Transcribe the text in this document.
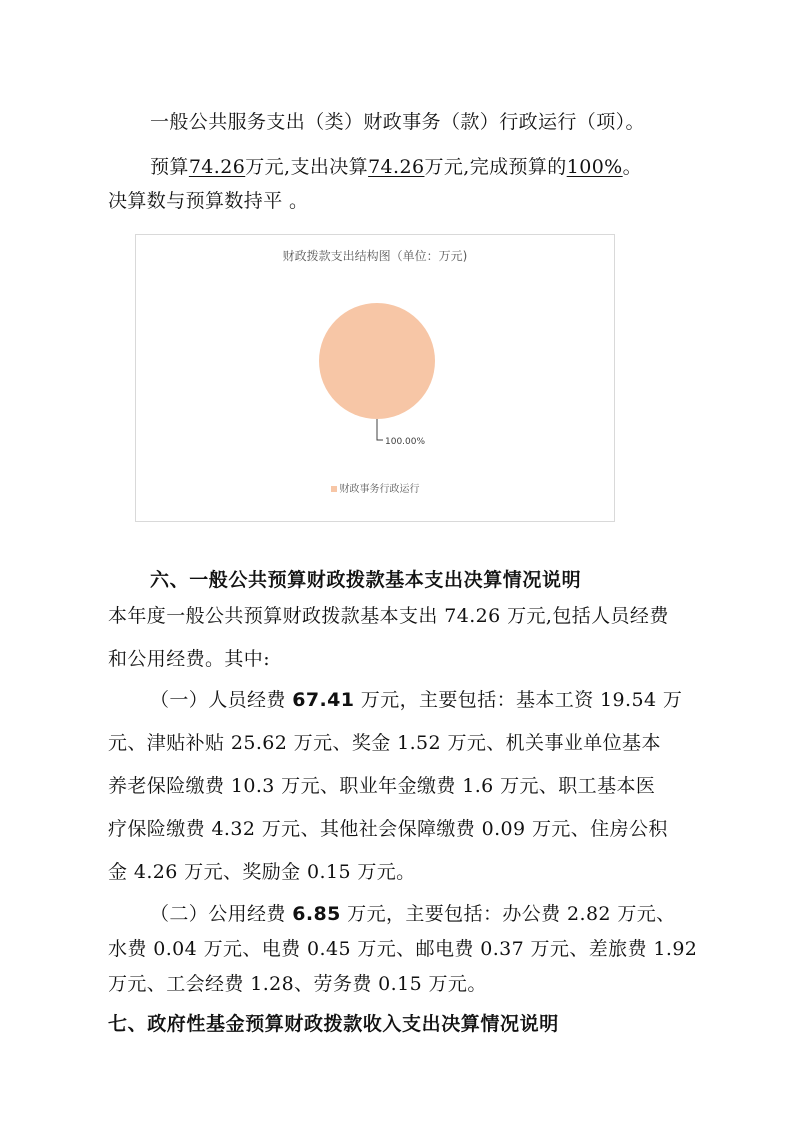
一般公共服务支出（类）财政事务（款）行政运行（项）。
预算74.26万元,支出决算74.26万元,完成预算的100%。
决算数与预算数持平 。
财政拨款支出结构图（单位：万元)
100.00%
财政事务行政运行
六、一般公共预算财政拨款基本支出决算情况说明
本年度一般公共预算财政拨款基本支出 74.26 万元,包括人员经费
和公用经费。其中:
（一）人员经费 67.41 万元，主要包括：基本工资 19.54 万
元、津贴补贴 25.62 万元、奖金 1.52 万元、机关事业单位基本
养老保险缴费 10.3 万元、职业年金缴费 1.6 万元、职工基本医
疗保险缴费 4.32 万元、其他社会保障缴费 0.09 万元、住房公积
金 4.26 万元、奖励金 0.15 万元。
（二）公用经费 6.85 万元，主要包括：办公费 2.82 万元、
水费 0.04 万元、电费 0.45 万元、邮电费 0.37 万元、差旅费 1.92
万元、工会经费 1.28、劳务费 0.15 万元。
七、政府性基金预算财政拨款收入支出决算情况说明
